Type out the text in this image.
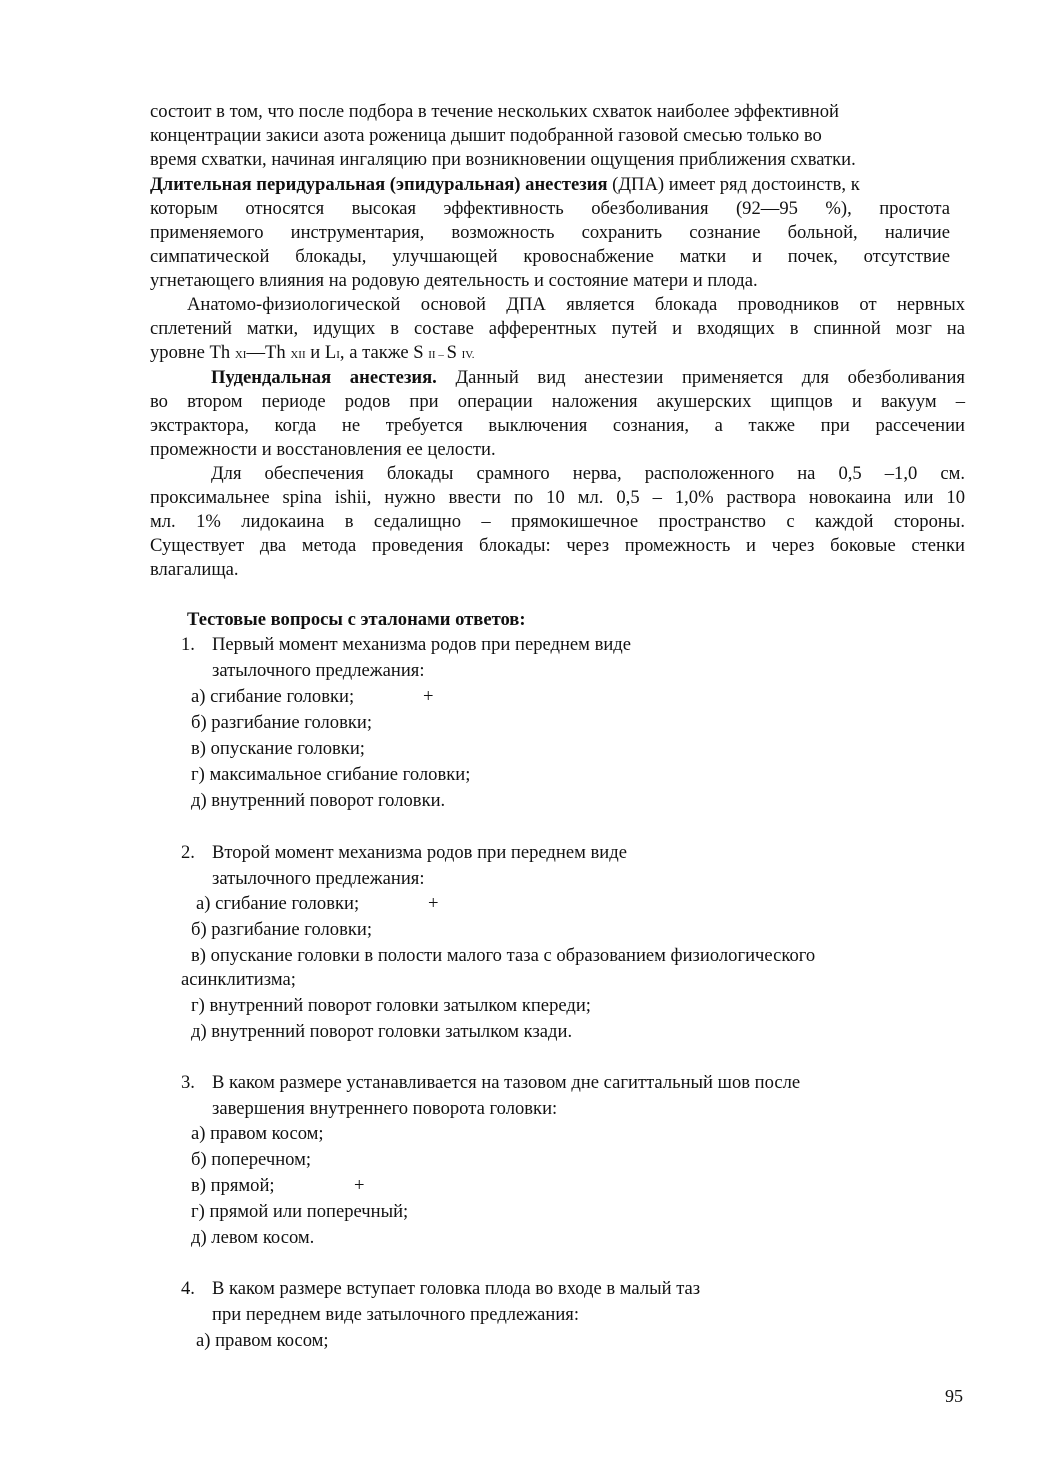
состоит в том, что после подбора в течение нескольких схваток наиболее эффективной

концентрации закиси азота роженица дышит подобранной газовой смесью только во

время схватки, начиная ингаляцию при возникновении ощущения приближения схватки.

Длительная перидуральная (эпидуральная) анестезия (ДПА) имеет ряд достоинств, к

которым относятся высокая эффективность обезболивания (92—95 %), простота

применяемого инструментария, возможность сохранить сознание больной, наличие

симпатической блокады, улучшающей кровоснабжение матки и почек, отсутствие

угнетающего влияния на родовую деятельность и состояние матери и плода.

Анатомо-физиологической основой ДПА является блокада проводников от нервных

сплетений матки, идущих в составе афферентных путей и входящих в спинной мозг на

уровне Th XI—Th XII и LI, а также S II – S IV.

Пудендальная анестезия. Данный вид анестезии применяется для обезболивания

во втором периоде родов при операции наложения акушерских щипцов и вакуум –

экстрактора, когда не требуется выключения сознания, а также при рассечении

промежности и восстановления ее целости.

Для обеспечения блокады срамного нерва, расположенного на 0,5 –1,0 см.

проксимальнее spina ishii, нужно ввести по 10 мл. 0,5 – 1,0% раствора новокаина или 10

мл. 1% лидокаина в седалищно – прямокишечное пространство с каждой стороны.

Существует два метода проведения блокады: через промежность и через боковые стенки

влагалища.

Тестовые вопросы с эталонами ответов:

1. Первый момент механизма родов при переднем виде

затылочного предлежания:

а) сгибание головки;	+

б) разгибание головки;

в) опускание головки;

г) максимальное сгибание головки;

д) внутренний поворот головки.

2. Второй момент механизма родов при переднем виде

затылочного предлежания:

а) сгибание головки;	+

б) разгибание головки;

в) опускание головки в полости малого таза с образованием физиологического

асинклитизма;

г) внутренний поворот головки затылком кпереди;

д) внутренний поворот головки затылком кзади.

3. В каком размере устанавливается на тазовом дне сагиттальный шов после

завершения внутреннего поворота головки:

а) правом косом;

б) поперечном;

в) прямой;	+

г) прямой или поперечный;

д) левом косом.

4. В каком размере вступает головка плода во входе в малый таз

при переднем виде затылочного предлежания:

а) правом косом;

95
